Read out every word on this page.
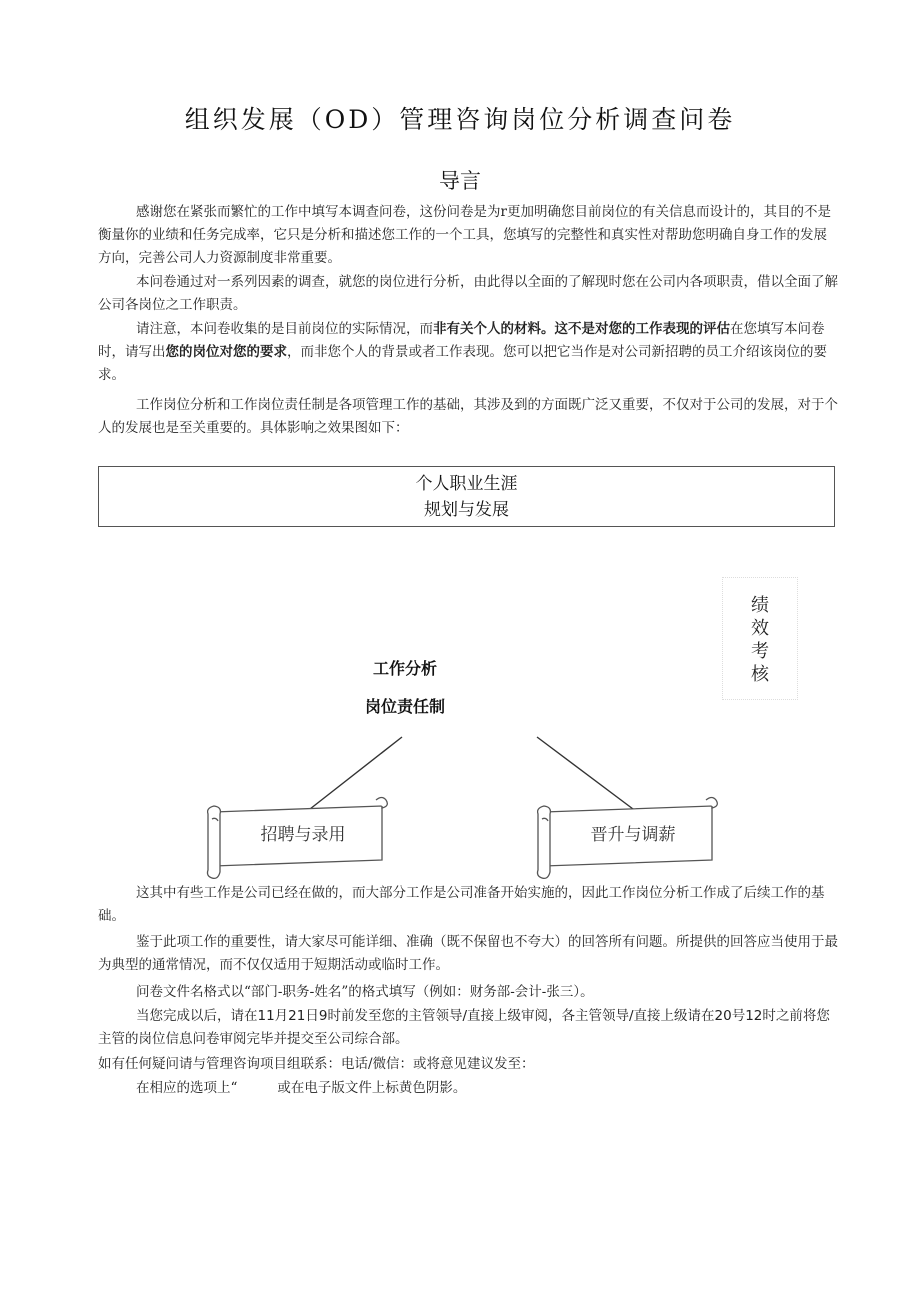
组织发展（OD）管理咨询岗位分析调查问卷
导言

感谢您在紧张而繁忙的工作中填写本调查问卷，这份问卷是为r更加明确您目前岗位的有关信息而设计的，其目的不是衡量你的业绩和任务完成率，它只是分析和描述您工作的一个工具，您填写的完整性和真实性对帮助您明确自身工作的发展方向，完善公司人力资源制度非常重要。

本问卷通过对一系列因素的调查，就您的岗位进行分析，由此得以全面的了解现时您在公司内各项职责，借以全面了解公司各岗位之工作职责。

请注意，本问卷收集的是目前岗位的实际情况，而非有关个人的材料。这不是对您的工作表现的评估在您填写本问卷时，请写出您的岗位对您的要求，而非您个人的背景或者工作表现。您可以把它当作是对公司新招聘的员工介绍该岗位的要求。

工作岗位分析和工作岗位责任制是各项管理工作的基础，其涉及到的方面既广泛又重要，不仅对于公司的发展，对于个人的发展也是至关重要的。具体影响之效果图如下：

个人职业生涯
规划与发展
绩
效
考
核
工作分析
岗位责任制
招聘与录用	晋升与调薪

这其中有些工作是公司已经在做的，而大部分工作是公司准备开始实施的，因此工作岗位分析工作成了后续工作的基础。

鉴于此项工作的重要性，请大家尽可能详细、准确（既不保留也不夸大）的回答所有问题。所提供的回答应当使用于最为典型的通常情况，而不仅仅适用于短期活动或临时工作。

问卷文件名格式以“部门-职务-姓名”的格式填写（例如：财务部-会计-张三）。

当您完成以后，请在11月21日9时前发至您的主管领导/直接上级审阅，各主管领导/直接上级请在20号12时之前将您主管的岗位信息问卷审阅完毕并提交至公司综合部。

如有任何疑问请与管理咨询项目组联系：电话/微信：或将意见建议发至：

在相应的选项上“	或在电子版文件上标黄色阴影。
